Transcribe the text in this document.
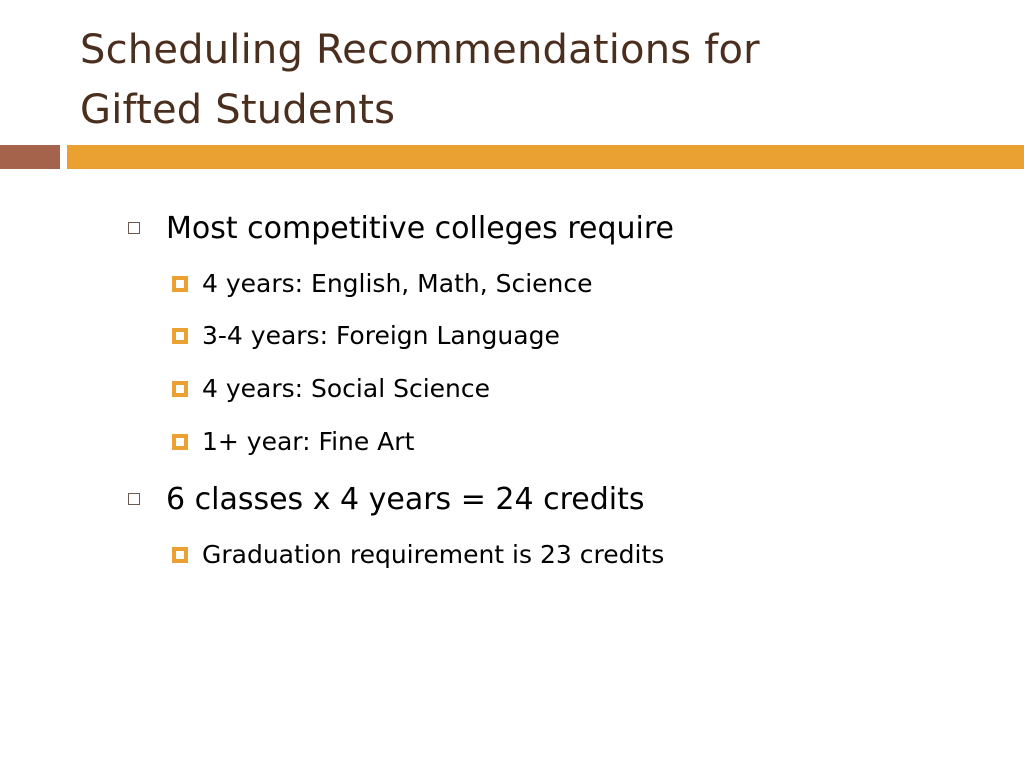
Scheduling Recommendations for
Gifted Students
Most competitive colleges require
4 years: English, Math, Science
3-4 years: Foreign Language
4 years: Social Science
1+ year: Fine Art
6 classes x 4 years = 24 credits
Graduation requirement is 23 credits
